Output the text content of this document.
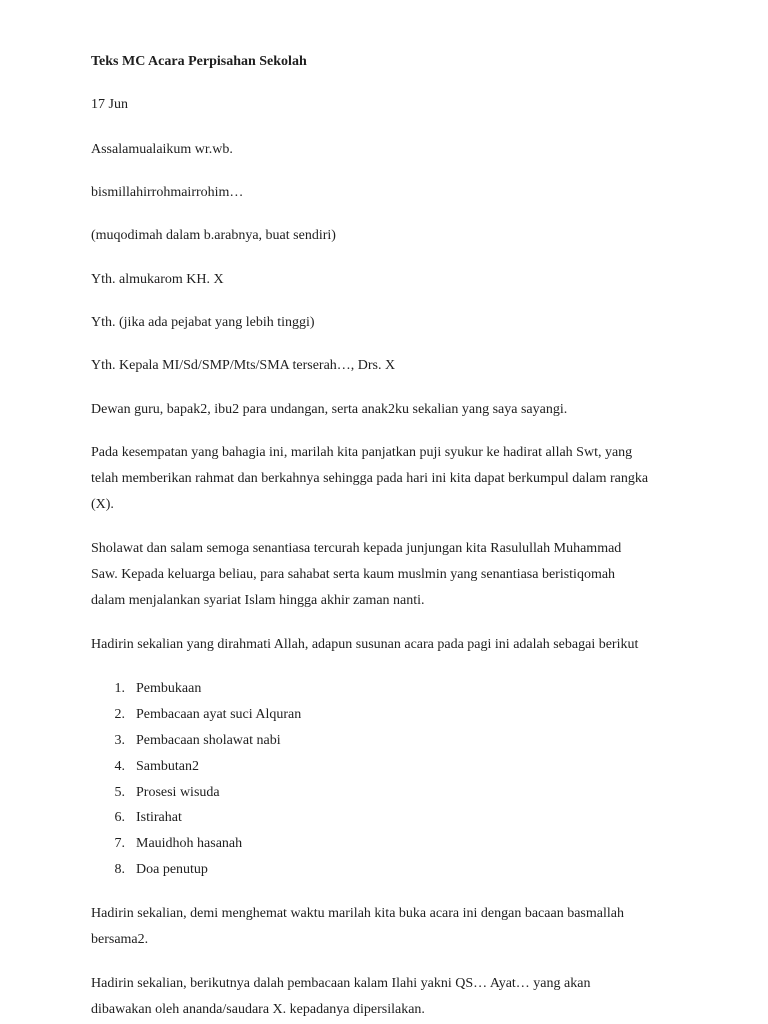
Teks MC Acara Perpisahan Sekolah

17 Jun

Assalamualaikum wr.wb.

bismillahirrohmairrohim…

(muqodimah dalam b.arabnya, buat sendiri)

Yth. almukarom KH. X

Yth. (jika ada pejabat yang lebih tinggi)

Yth. Kepala MI/Sd/SMP/Mts/SMA terserah…, Drs. X

Dewan guru, bapak2, ibu2 para undangan, serta anak2ku sekalian yang saya sayangi.

Pada kesempatan yang bahagia ini, marilah kita panjatkan puji syukur ke hadirat allah Swt, yang
telah memberikan rahmat dan berkahnya sehingga pada hari ini kita dapat berkumpul dalam rangka
(X).
Sholawat dan salam semoga senantiasa tercurah kepada junjungan kita Rasulullah Muhammad
Saw. Kepada keluarga beliau, para sahabat serta kaum muslmin yang senantiasa beristiqomah
dalam menjalankan syariat Islam hingga akhir zaman nanti.

Hadirin sekalian yang dirahmati Allah, adapun susunan acara pada pagi ini adalah sebagai berikut

1. Pembukaan
2. Pembacaan ayat suci Alquran
3. Pembacaan sholawat nabi
4. Sambutan2
5. Prosesi wisuda
6. Istirahat
7. Mauidhoh hasanah
8. Doa penutup
Hadirin sekalian, demi menghemat waktu marilah kita buka acara ini dengan bacaan basmallah
bersama2.
Hadirin sekalian, berikutnya dalah pembacaan kalam Ilahi yakni QS… Ayat… yang akan
dibawakan oleh ananda/saudara X. kepadanya dipersilakan.
